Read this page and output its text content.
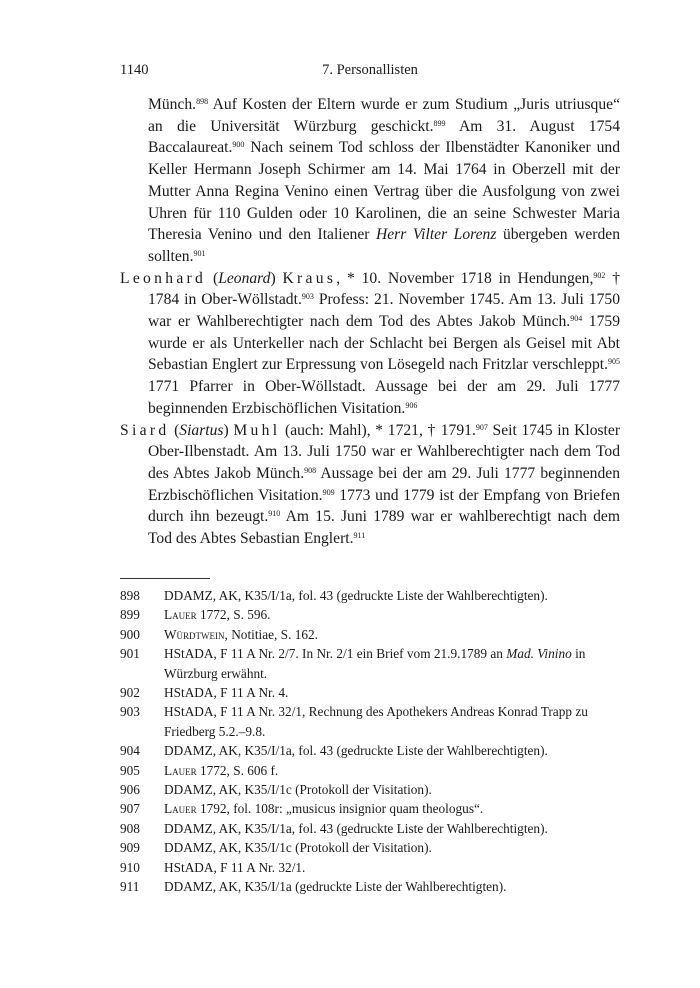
1140	7. Personallisten

Münch.$^{898}$ Auf Kosten der Eltern wurde er zum Studium „Juris utriusque“ an die Universität Würzburg geschickt.$^{899}$ Am 31. August 1754 Baccalaureat.$^{900}$ Nach seinem Tod schloss der Ilbenstädter Kanoniker und Keller Hermann Joseph Schirmer am 14. Mai 1764 in Oberzell mit der Mutter Anna Regina Venino einen Vertrag über die Ausfolgung von zwei Uhren für 110 Gulden oder 10 Karolinen, die an seine Schwester Maria Theresia Venino und den Italiener Herr Vilter Lorenz übergeben werden sollten.$^{901}$

Leonhard (Leonard) Kraus, * 10. November 1718 in Hendungen,$^{902}$ † 1784 in Ober-Wöllstadt.$^{903}$ Profess: 21. November 1745. Am 13. Juli 1750 war er Wahlberechtigter nach dem Tod des Abtes Jakob Münch.$^{904}$ 1759 wurde er als Unterkeller nach der Schlacht bei Bergen als Geisel mit Abt Sebastian Englert zur Erpressung von Lösegeld nach Fritzlar verschleppt.$^{905}$ 1771 Pfarrer in Ober-Wöllstadt. Aussage bei der am 29. Juli 1777 beginnenden Erzbischöflichen Visitation.$^{906}$

Siard (Siartus) Muhl (auch: Mahl), * 1721, † 1791.$^{907}$ Seit 1745 in Kloster Ober-Ilbenstadt. Am 13. Juli 1750 war er Wahlberechtigter nach dem Tod des Abtes Jakob Münch.$^{908}$ Aussage bei der am 29. Juli 1777 beginnenden Erzbischöflichen Visitation.$^{909}$ 1773 und 1779 ist der Empfang von Briefen durch ihn bezeugt.$^{910}$ Am 15. Juni 1789 war er wahlberechtigt nach dem Tod des Abtes Sebastian Englert.$^{911}$

898 DDAMZ, AK, K35/I/1a, fol. 43 (gedruckte Liste der Wahlberechtigten).
899 Lauer 1772, S. 596.
900 Würdtwein, Notitiae, S. 162.
901 HStADA, F 11 A Nr. 2/7. In Nr. 2/1 ein Brief vom 21.9.1789 an Mad. Vinino in Würzburg erwähnt.
902 HStADA, F 11 A Nr. 4.
903 HStADA, F 11 A Nr. 32/1, Rechnung des Apothekers Andreas Konrad Trapp zu Friedberg 5.2.–9.8.
904 DDAMZ, AK, K35/I/1a, fol. 43 (gedruckte Liste der Wahlberechtigten).
905 Lauer 1772, S. 606 f.
906 DDAMZ, AK, K35/I/1c (Protokoll der Visitation).
907 Lauer 1792, fol. 108r: „musicus insignior quam theologus“.
908 DDAMZ, AK, K35/I/1a, fol. 43 (gedruckte Liste der Wahlberechtigten).
909 DDAMZ, AK, K35/I/1c (Protokoll der Visitation).
910 HStADA, F 11 A Nr. 32/1.
911 DDAMZ, AK, K35/I/1a (gedruckte Liste der Wahlberechtigten).
